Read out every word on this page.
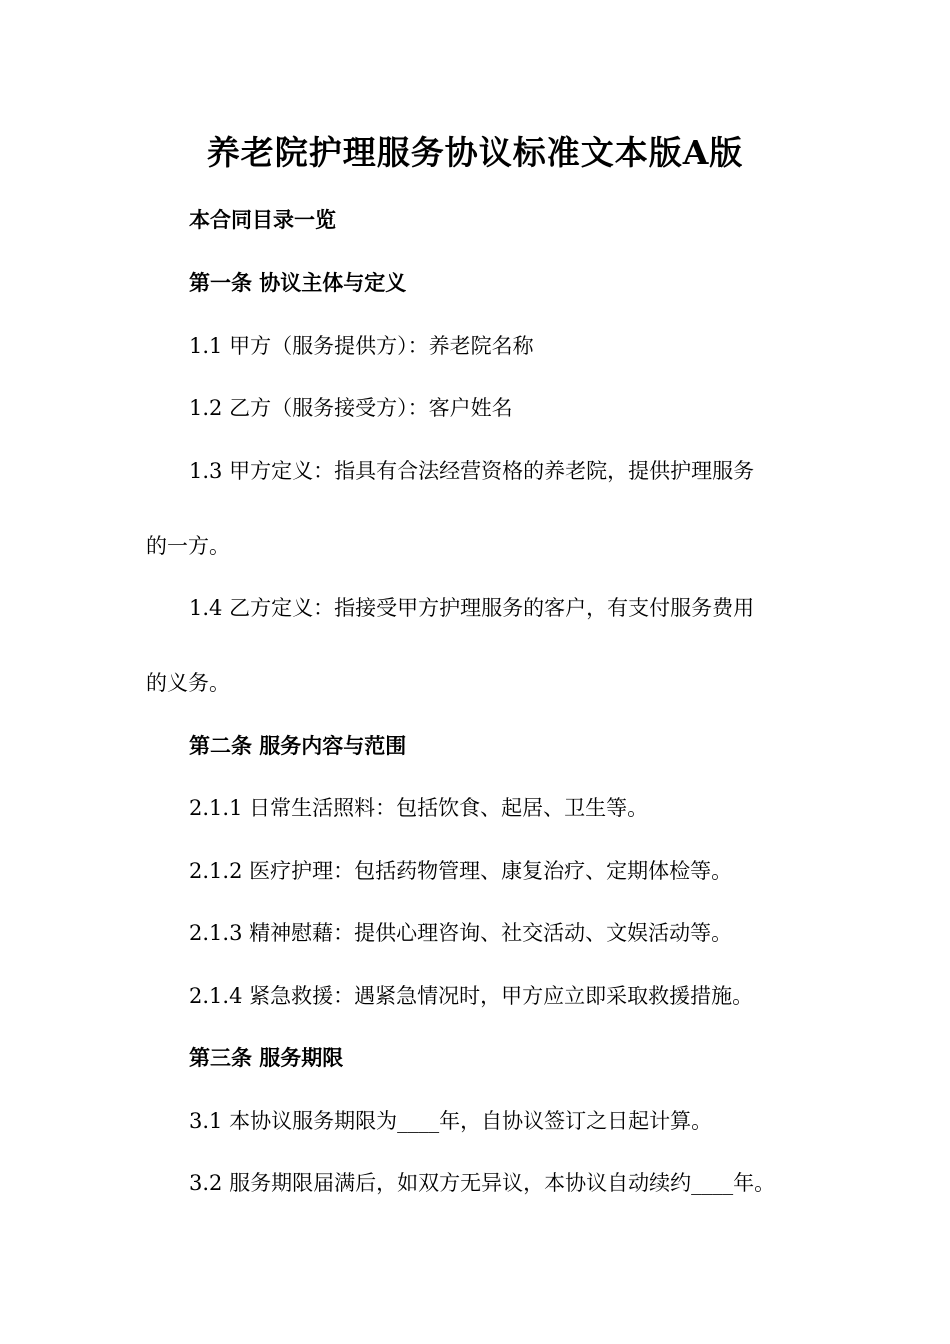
养老院护理服务协议标准文本版A版
本合同目录一览
第一条 协议主体与定义
1.1 甲方（服务提供方）：养老院名称
1.2 乙方（服务接受方）：客户姓名
1.3 甲方定义：指具有合法经营资格的养老院，提供护理服务
的一方。
1.4 乙方定义：指接受甲方护理服务的客户，有支付服务费用
的义务。
第二条 服务内容与范围
2.1.1 日常生活照料：包括饮食、起居、卫生等。
2.1.2 医疗护理：包括药物管理、康复治疗、定期体检等。
2.1.3 精神慰藉：提供心理咨询、社交活动、文娱活动等。
2.1.4 紧急救援：遇紧急情况时，甲方应立即采取救援措施。
第三条 服务期限
3.1 本协议服务期限为____年，自协议签订之日起计算。
3.2 服务期限届满后，如双方无异议，本协议自动续约____年。
